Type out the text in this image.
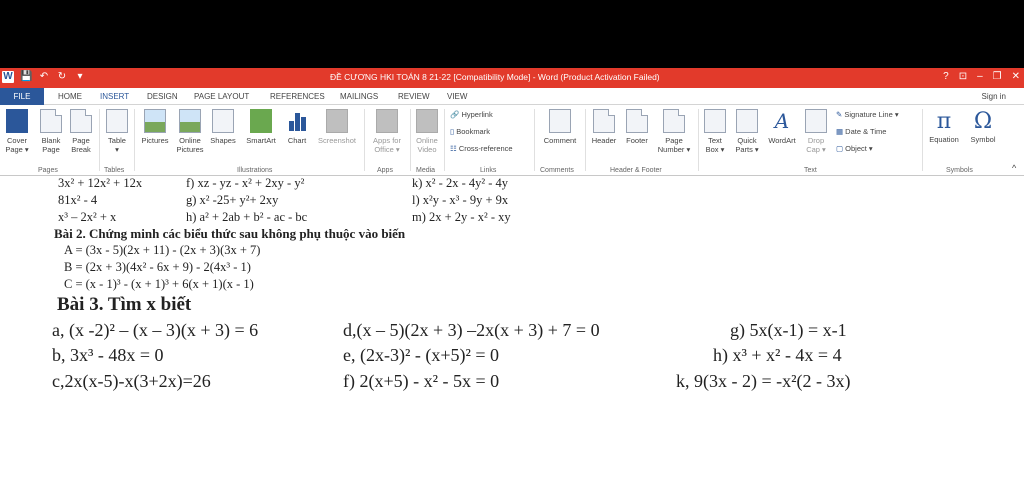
W 💾 ↶ ↻	▾	ĐỀ CƯƠNG HKI TOÁN 8 21-22 [Compatibility Mode] - Word (Product Activation Failed)	? ⊡ – ❐ ✕
FILE	HOME INSERT DESIGN PAGE LAYOUT	REFERENCES MAILINGS REVIEW VIEW	Sign in
Cover
Page ▾
Blank
Page
Page
Break
Pages
Table
▾
Tables
Pictures	Online
Pictures
Shapes	SmartArt	Chart	Screenshot
Illustrations
Apps for
Office ▾
Apps
Online
Video
Media
🔗 Hyperlink
▯ Bookmark
☷ Cross-reference
Links
Comment
Comments
Header	Footer	Page
Number ▾
Header & Footer
Text
Box ▾
Quick
Parts ▾
A
WordArt	Drop
Cap ▾
✎ Signature Line ▾
▦ Date & Time
▢ Object ▾
Text
π
Equation
Ω
Symbol
Symbols	^
3x² + 12x² + 12x	f) xz - yz - x² + 2xy - y²	k) x² - 2x - 4y² - 4y
81x² - 4	g) x² -25+ y²+ 2xy	l) x²y - x³ - 9y + 9x
x³ – 2x² + x	h) a² + 2ab + b² - ac - bc	m) 2x + 2y - x² - xy
Bài 2. Chứng minh các biểu thức sau không phụ thuộc vào biến
A = (3x - 5)(2x + 11) - (2x + 3)(3x + 7)
B = (2x + 3)(4x² - 6x + 9) - 2(4x³ - 1)
C = (x - 1)³ - (x + 1)³ + 6(x + 1)(x - 1)
Bài 3. Tìm x biết
a, (x -2)² – (x – 3)(x + 3) = 6	d,(x – 5)(2x + 3) –2x(x + 3) + 7 = 0	g) 5x(x-1) = x-1
b, 3x³ - 48x = 0	e, (2x-3)² - (x+5)² = 0	h) x³ + x² - 4x = 4
c,2x(x-5)-x(3+2x)=26	f) 2(x+5) - x² - 5x = 0	k, 9(3x - 2) = -x²(2 - 3x)
